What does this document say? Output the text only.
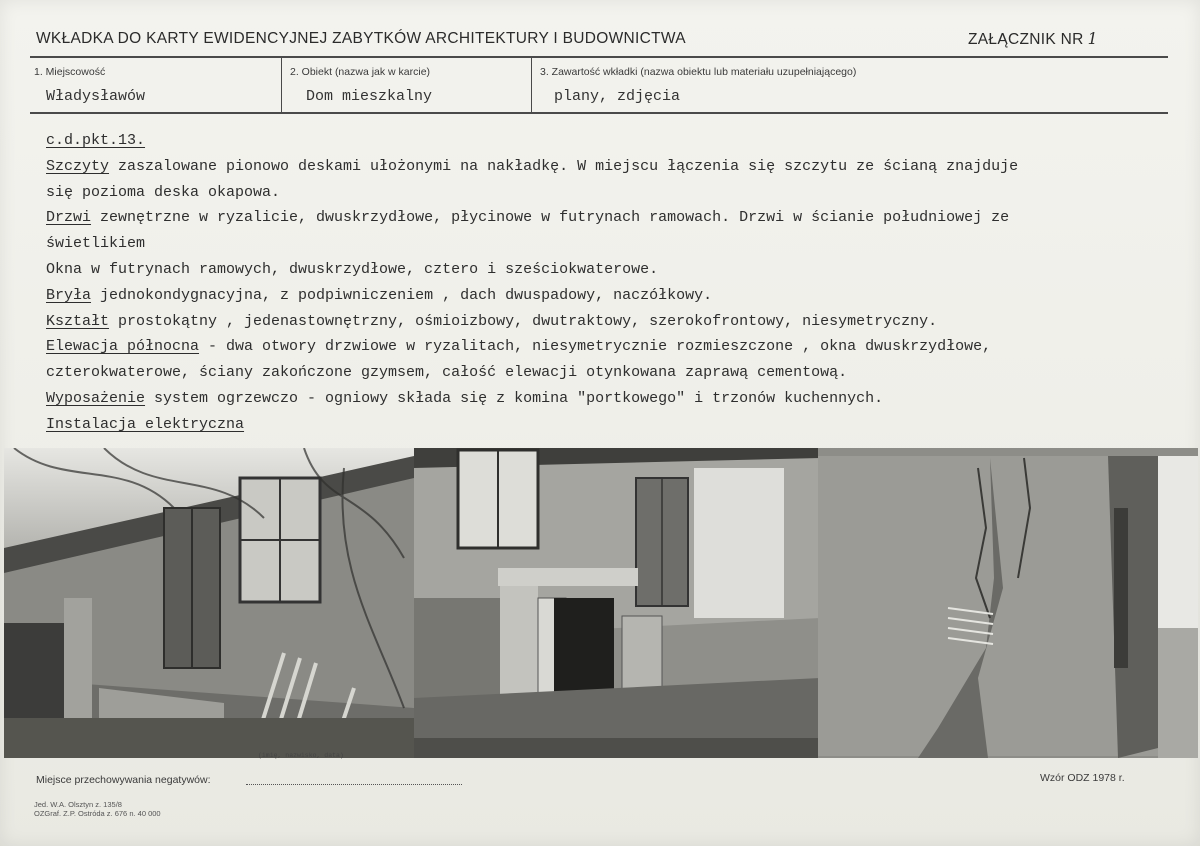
WKŁADKA DO KARTY EWIDENCYJNEJ ZABYTKÓW ARCHITEKTURY I BUDOWNICTWA	ZAŁĄCZNIK NR 1
1. Miejscowość
Władysławów
2. Obiekt (nazwa jak w karcie)
Dom mieszkalny
3. Zawartość wkładki (nazwa obiektu lub materiału uzupełniającego)
plany, zdjęcia
c.d.pkt.13.
Szczyty zaszalowane pionowo deskami ułożonymi na nakładkę. W miejscu łączenia się szczytu ze ścianą znajduje
się pozioma deska okapowa.
Drzwi zewnętrzne w ryzalicie, dwuskrzydłowe, płycinowe w futrynach ramowach. Drzwi w ścianie południowej ze
świetlikiem
Okna w futrynach ramowych, dwuskrzydłowe, cztero i sześciokwaterowe.
Bryła jednokondygnacyjna, z podpiwniczeniem , dach dwuspadowy, naczółkowy.
Kształt prostokątny , jedenastownętrzny, ośmioizbowy, dwutraktowy, szerokofrontowy, niesymetryczny.
Elewacja północna - dwa otwory drzwiowe w ryzalitach, niesymetrycznie rozmieszczone , okna dwuskrzydłowe,
czterokwaterowe, ściany zakończone gzymsem, całość elewacji otynkowana zaprawą cementową.
Wyposażenie system ogrzewczo - ogniowy składa się z komina "portkowego" i trzonów kuchennych.
Instalacja elektryczna
(imię, nazwisko, data)
Miejsce przechowywania negatywów:
Jed. W.A. Olsztyn z. 135/8
OZGraf. Z.P. Ostróda z. 676 n. 40 000
Wzór ODZ 1978 r.
